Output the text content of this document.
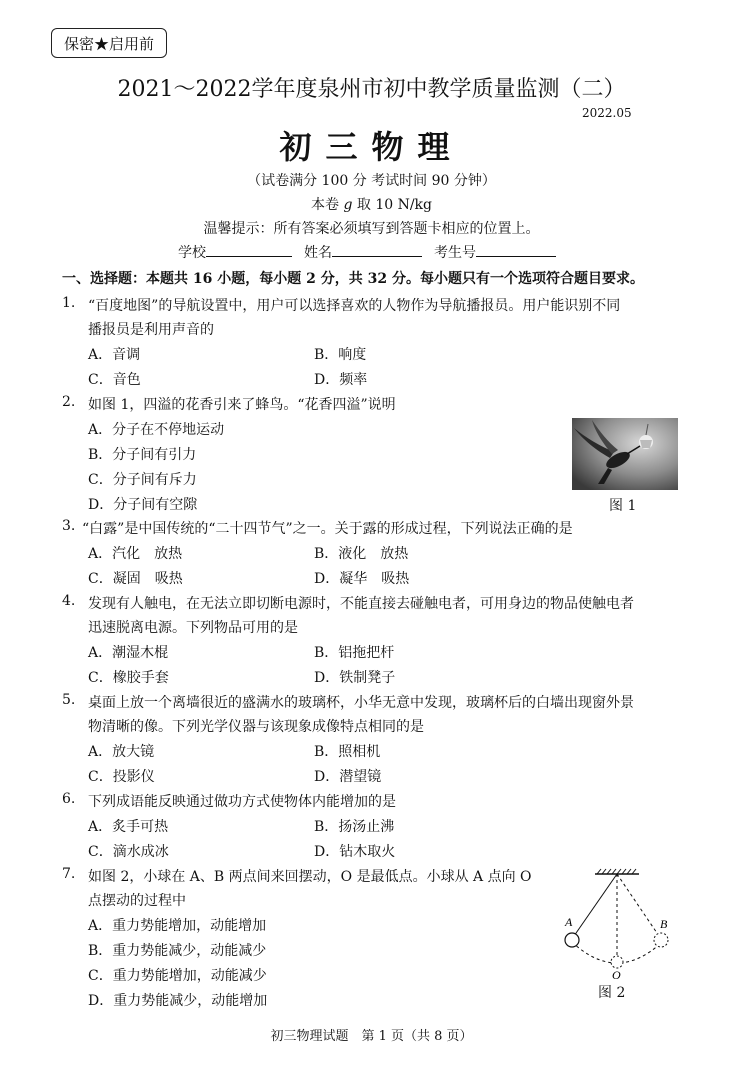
保密★启用前
2021～2022学年度泉州市初中教学质量监测（二）
2022.05
初三物理
（试卷满分 100 分 考试时间 90 分钟）
本卷 g 取 10 N/kg
温馨提示：所有答案必须填写到答题卡相应的位置上。
学校	姓名	考生号
一、选择题：本题共 16 小题，每小题 2 分，共 32 分。每小题只有一个选项符合题目要求。
1. “百度地图”的导航设置中，用户可以选择喜欢的人物作为导航播报员。用户能识别不同
播报员是利用声音的
A．音调	B．响度
C．音色	D．频率
2. 如图 1，四溢的花香引来了蜂鸟。“花香四溢”说明
A．分子在不停地运动
B．分子间有引力
C．分子间有斥力
D．分子间有空隙	图 1
3. “白露”是中国传统的“二十四节气”之一。关于露的形成过程，下列说法正确的是
A．汽化　放热	B．液化　放热
C．凝固　吸热	D．凝华　吸热
4. 发现有人触电，在无法立即切断电源时，不能直接去碰触电者，可用身边的物品使触电者
迅速脱离电源。下列物品可用的是
A．潮湿木棍	B．铝拖把杆
C．橡胶手套	D．铁制凳子
5. 桌面上放一个离墙很近的盛满水的玻璃杯，小华无意中发现，玻璃杯后的白墙出现窗外景
物清晰的像。下列光学仪器与该现象成像特点相同的是
A．放大镜	B．照相机
C．投影仪	D．潜望镜
6. 下列成语能反映通过做功方式使物体内能增加的是
A．炙手可热	B．扬汤止沸
C．滴水成冰	D．钻木取火
7. 如图 2，小球在 A、B 两点间来回摆动，O 是最低点。小球从 A 点向 O
点摆动的过程中
A．重力势能增加，动能增加
B．重力势能减少，动能减少
C．重力势能增加，动能减少
D．重力势能减少，动能增加
A	B
O
图 2
初三物理试题　第 1 页（共 8 页）
